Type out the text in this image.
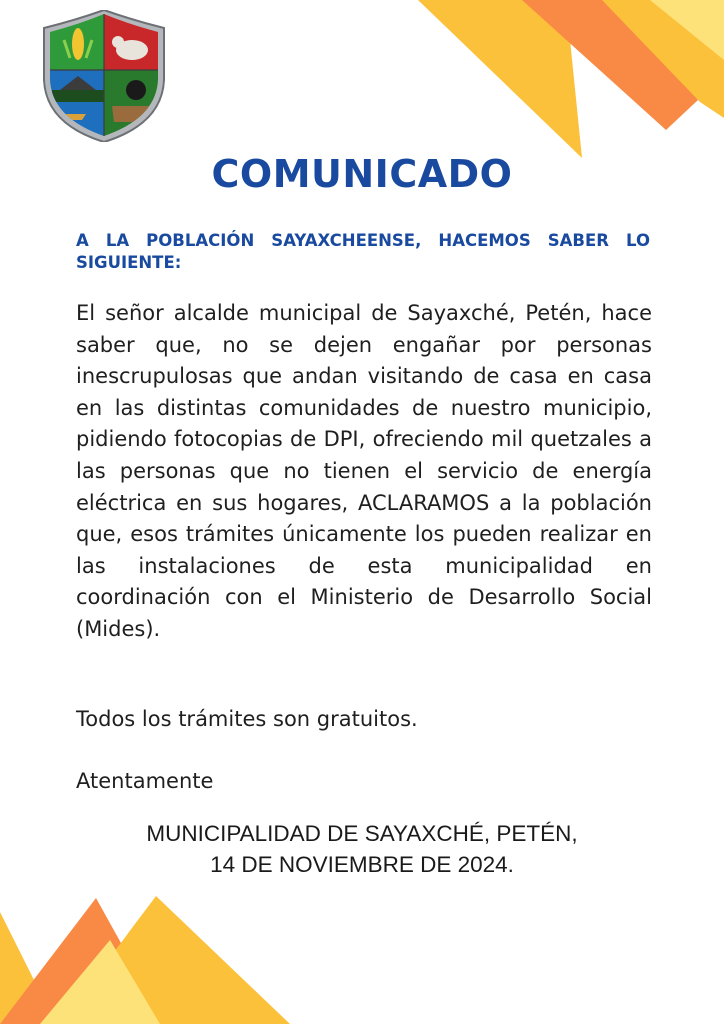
COMUNICADO

A LA POBLACIÓN SAYAXCHEENSE, HACEMOS SABER LO SIGUIENTE:

El señor alcalde municipal de Sayaxché, Petén, hace saber que, no se dejen engañar por personas inescrupulosas que andan visitando de casa en casa en las distintas comunidades de nuestro municipio, pidiendo fotocopias de DPI, ofreciendo mil quetzales a las personas que no tienen el servicio de energía eléctrica en sus hogares, ACLARAMOS a la población que, esos trámites únicamente los pueden realizar en las instalaciones de esta municipalidad en coordinación con el Ministerio de Desarrollo Social (Mides).

Todos los trámites son gratuitos.

Atentamente

MUNICIPALIDAD DE SAYAXCHÉ, PETÉN,
14 DE NOVIEMBRE DE 2024.
